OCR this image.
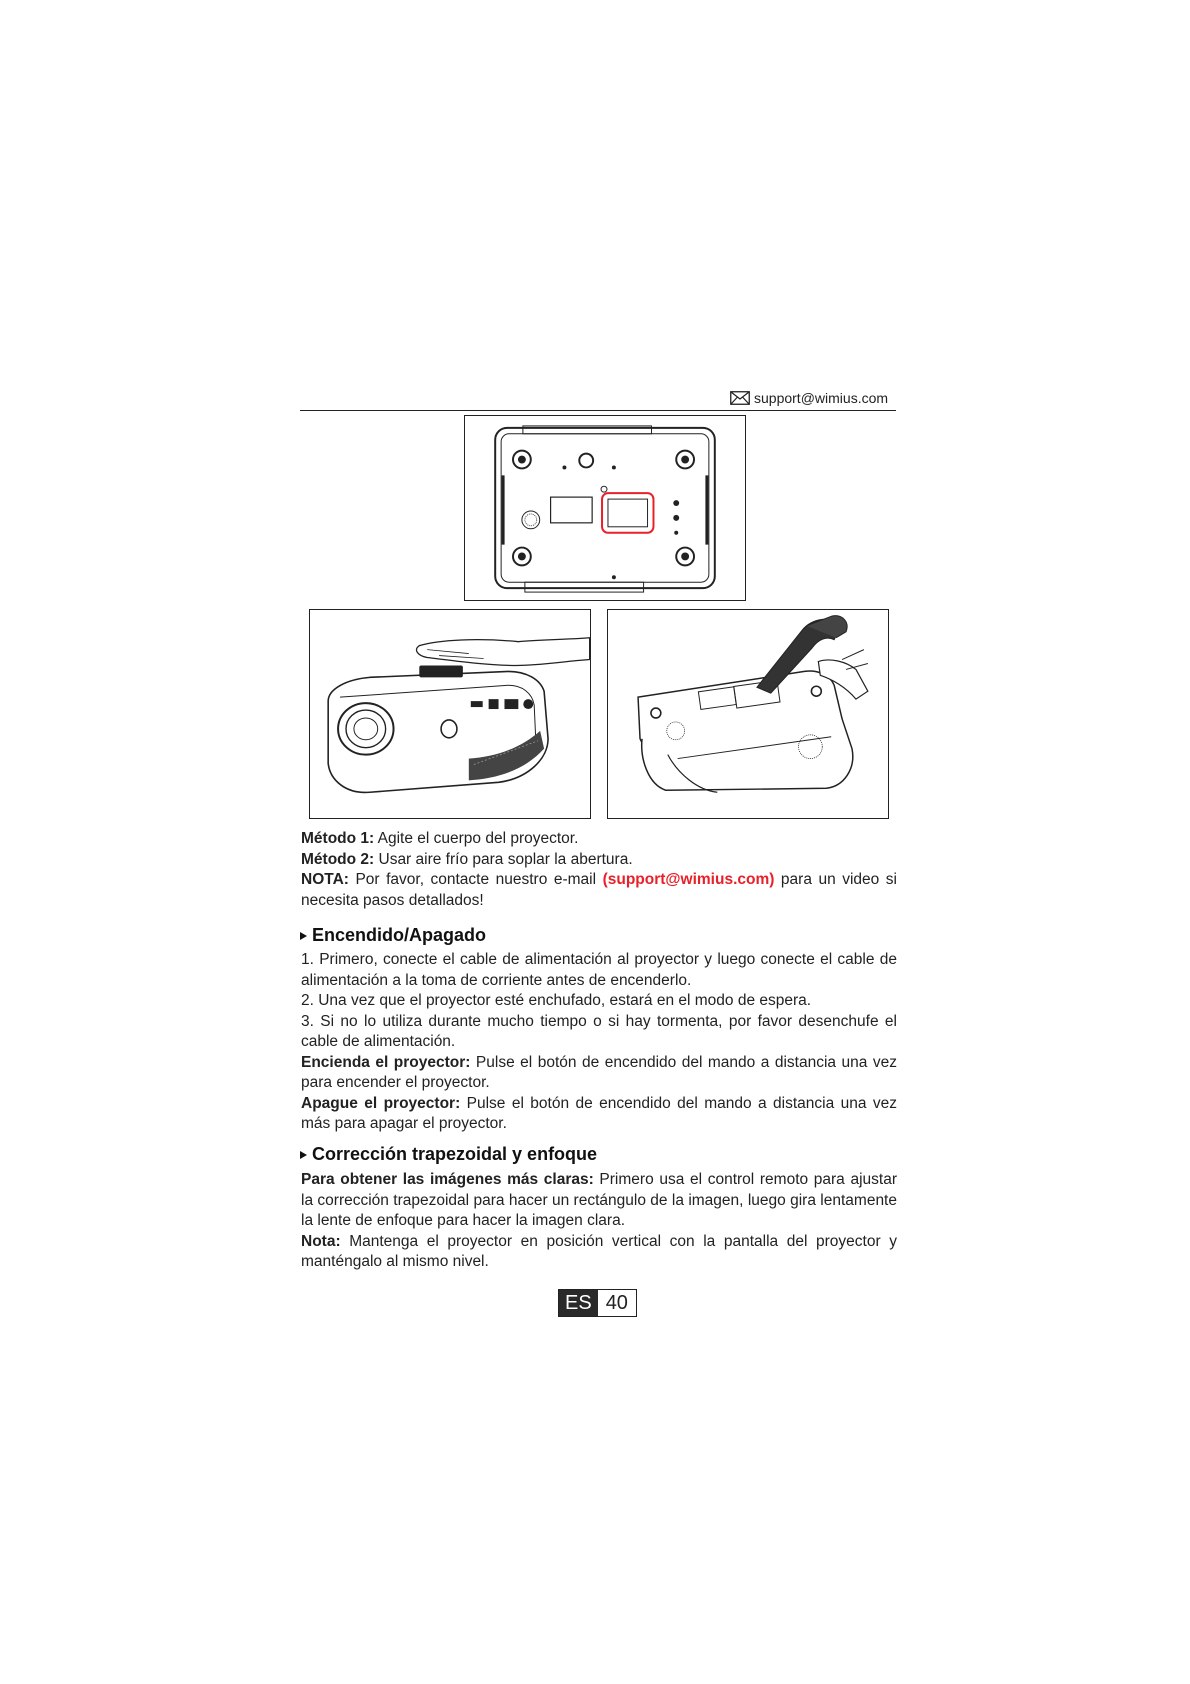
support@wimius.com

Método 1: Agite el cuerpo del proyector.

Método 2: Usar aire frío para soplar la abertura.

NOTA: Por favor, contacte nuestro e-mail (support@wimius.com) para un video si necesita pasos detallados!

Encendido/Apagado

1. Primero, conecte el cable de alimentación al proyector y luego conecte el cable de alimentación a la toma de corriente antes de encenderlo.

2. Una vez que el proyector esté enchufado, estará en el modo de espera.

3. Si no lo utiliza durante mucho tiempo o si hay tormenta, por favor desenchufe el cable de alimentación.

Encienda el proyector: Pulse el botón de encendido del mando a distancia una vez para encender el proyector.

Apague el proyector: Pulse el botón de encendido del mando a distancia una vez más para apagar el proyector.

Corrección trapezoidal y enfoque

Para obtener las imágenes más claras: Primero usa el control remoto para ajustar la corrección trapezoidal para hacer un rectángulo de la imagen, luego gira lentamente la lente de enfoque para hacer la imagen clara.

Nota: Mantenga el proyector en posición vertical con la pantalla del proyector y manténgalo al mismo nivel.

ES 40
